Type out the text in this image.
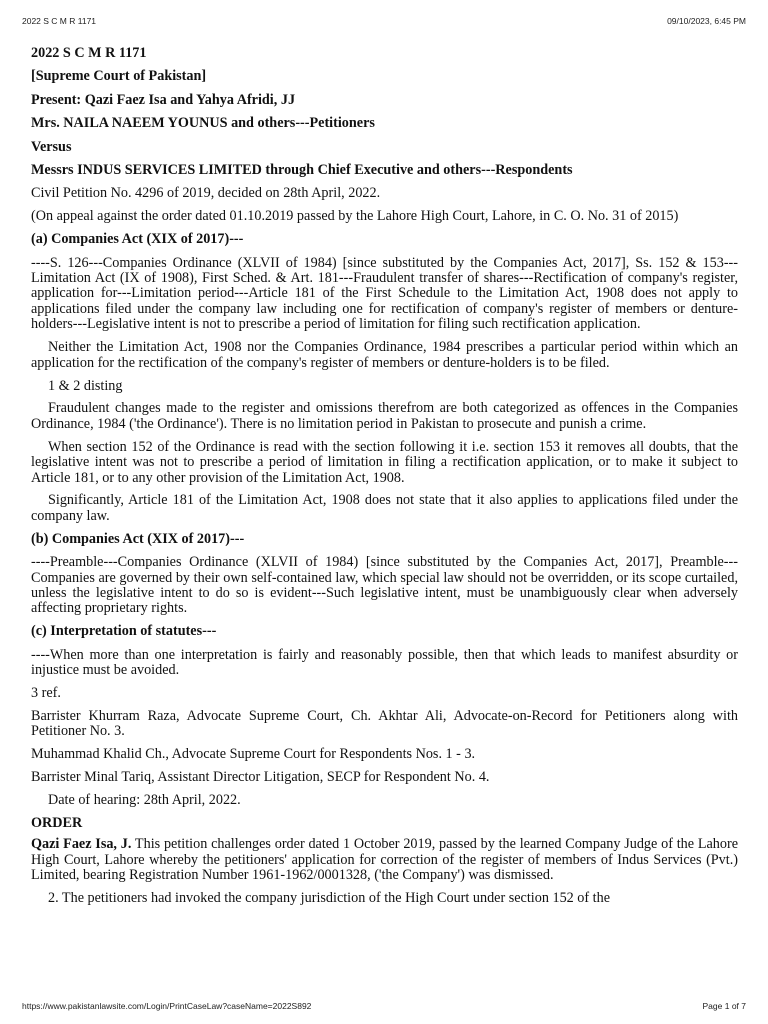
2022 S C M R 1171	09/10/2023, 6:45 PM

2022 S C M R 1171

[Supreme Court of Pakistan]

Present: Qazi Faez Isa and Yahya Afridi, JJ

Mrs. NAILA NAEEM YOUNUS and others---Petitioners

Versus

Messrs INDUS SERVICES LIMITED through Chief Executive and others---Respondents

Civil Petition No. 4296 of 2019, decided on 28th April, 2022.

(On appeal against the order dated 01.10.2019 passed by the Lahore High Court, Lahore, in C. O. No. 31 of 2015)

(a) Companies Act (XIX of 2017)---

----S. 126---Companies Ordinance (XLVII of 1984) [since substituted by the Companies Act, 2017], Ss. 152 & 153---Limitation Act (IX of 1908), First Sched. & Art. 181---Fraudulent transfer of shares---Rectification of company's register, application for---Limitation period---Article 181 of the First Schedule to the Limitation Act, 1908 does not apply to applications filed under the company law including one for rectification of company's register of members or denture-holders---Legislative intent is not to prescribe a period of limitation for filing such rectification application.

Neither the Limitation Act, 1908 nor the Companies Ordinance, 1984 prescribes a particular period within which an application for the rectification of the company's register of members or denture-holders is to be filed.

1 & 2 disting

Fraudulent changes made to the register and omissions therefrom are both categorized as offences in the Companies Ordinance, 1984 ('the Ordinance'). There is no limitation period in Pakistan to prosecute and punish a crime.

When section 152 of the Ordinance is read with the section following it i.e. section 153 it removes all doubts, that the legislative intent was not to prescribe a period of limitation in filing a rectification application, or to make it subject to Article 181, or to any other provision of the Limitation Act, 1908.

Significantly, Article 181 of the Limitation Act, 1908 does not state that it also applies to applications filed under the company law.

(b) Companies Act (XIX of 2017)---

----Preamble---Companies Ordinance (XLVII of 1984) [since substituted by the Companies Act, 2017], Preamble---Companies are governed by their own self-contained law, which special law should not be overridden, or its scope curtailed, unless the legislative intent to do so is evident---Such legislative intent, must be unambiguously clear when adversely affecting proprietary rights.

(c) Interpretation of statutes---

----When more than one interpretation is fairly and reasonably possible, then that which leads to manifest absurdity or injustice must be avoided.

3 ref.

Barrister Khurram Raza, Advocate Supreme Court, Ch. Akhtar Ali, Advocate-on-Record for Petitioners along with Petitioner No. 3.

Muhammad Khalid Ch., Advocate Supreme Court for Respondents Nos. 1 - 3.

Barrister Minal Tariq, Assistant Director Litigation, SECP for Respondent No. 4.

Date of hearing: 28th April, 2022.

ORDER

Qazi Faez Isa, J. This petition challenges order dated 1 October 2019, passed by the learned Company Judge of the Lahore High Court, Lahore whereby the petitioners' application for correction of the register of members of Indus Services (Pvt.) Limited, bearing Registration Number 1961-1962/0001328, ('the Company') was dismissed.

2. The petitioners had invoked the company jurisdiction of the High Court under section 152 of the

https://www.pakistanlawsite.com/Login/PrintCaseLaw?caseName=2022S892	Page 1 of 7
